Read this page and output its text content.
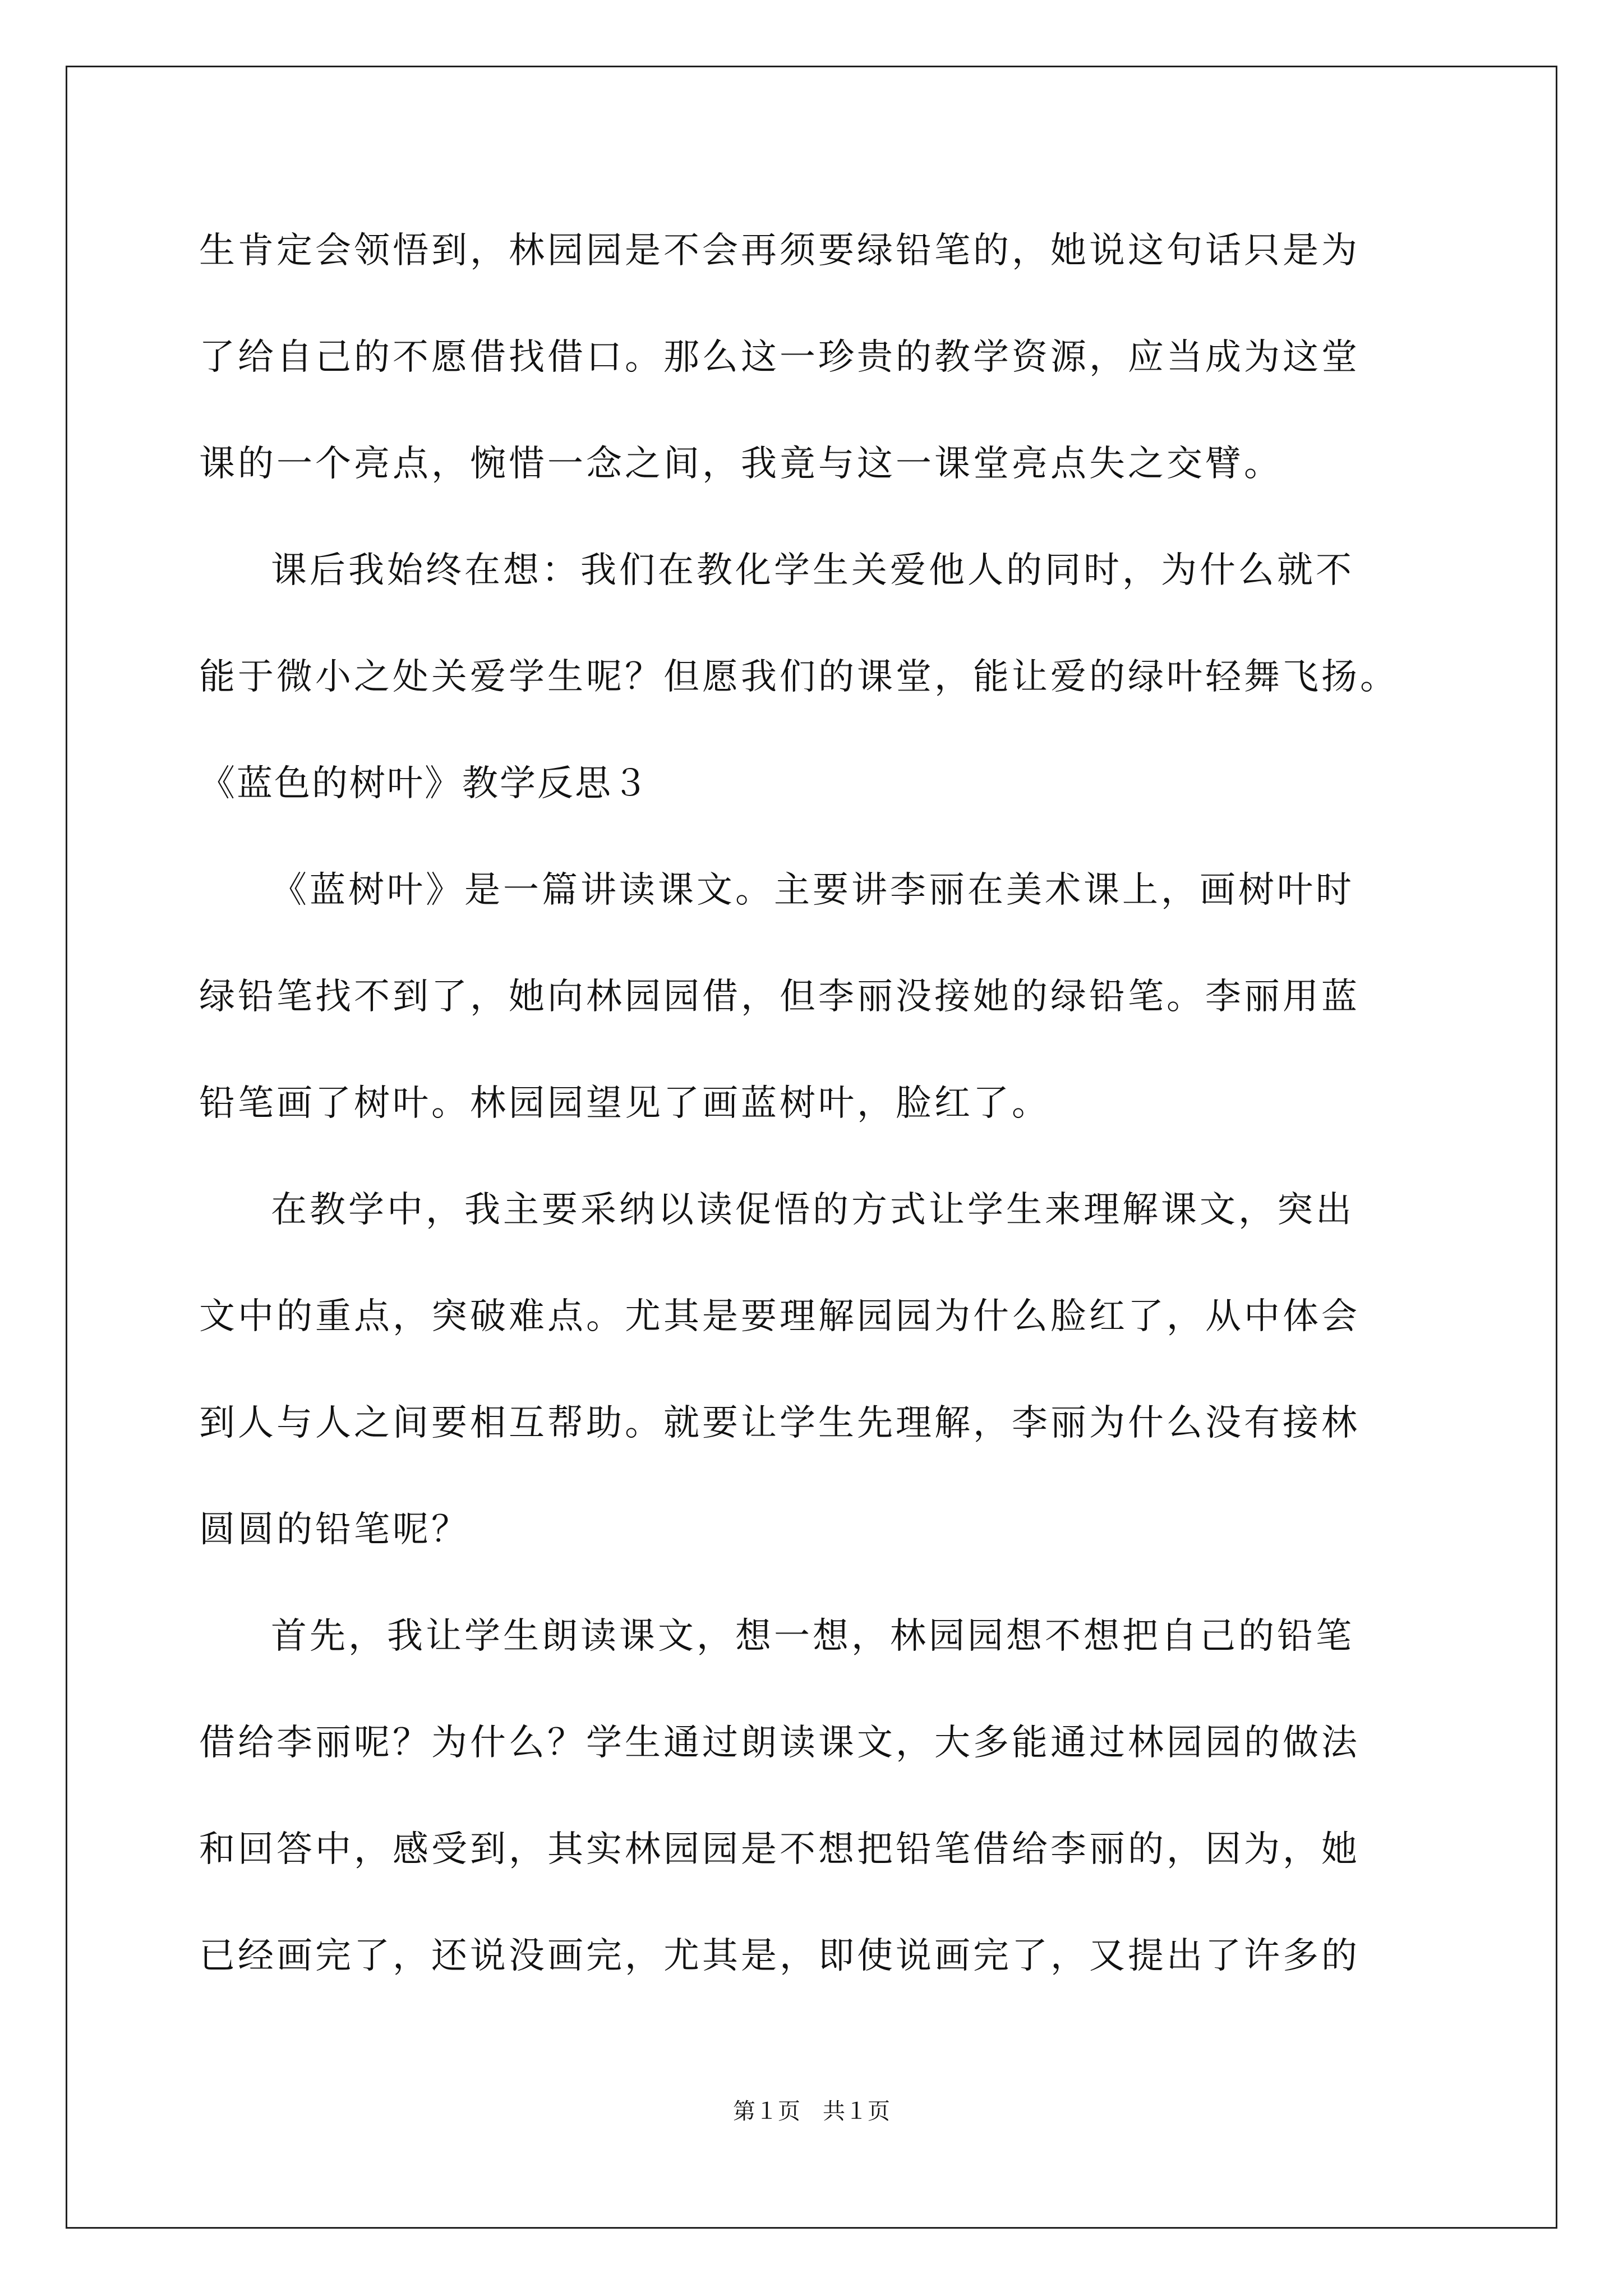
生肯定会领悟到，林园园是不会再须要绿铅笔的，她说这句话只是为
了给自己的不愿借找借口。那么这一珍贵的教学资源，应当成为这堂
课的一个亮点，惋惜一念之间，我竟与这一课堂亮点失之交臂。
课后我始终在想：我们在教化学生关爱他人的同时，为什么就不
能于微小之处关爱学生呢？但愿我们的课堂，能让爱的绿叶轻舞飞扬。
《蓝色的树叶》教学反思３
《蓝树叶》是一篇讲读课文。主要讲李丽在美术课上，画树叶时
绿铅笔找不到了，她向林园园借，但李丽没接她的绿铅笔。李丽用蓝
铅笔画了树叶。林园园望见了画蓝树叶，脸红了。
在教学中，我主要采纳以读促悟的方式让学生来理解课文，突出
文中的重点，突破难点。尤其是要理解园园为什么脸红了，从中体会
到人与人之间要相互帮助。就要让学生先理解，李丽为什么没有接林
圆圆的铅笔呢？
首先，我让学生朗读课文，想一想，林园园想不想把自己的铅笔
借给李丽呢？为什么？学生通过朗读课文，大多能通过林园园的做法
和回答中，感受到，其实林园园是不想把铅笔借给李丽的，因为，她
已经画完了，还说没画完，尤其是，即使说画完了，又提出了许多的
第１页　共１页
